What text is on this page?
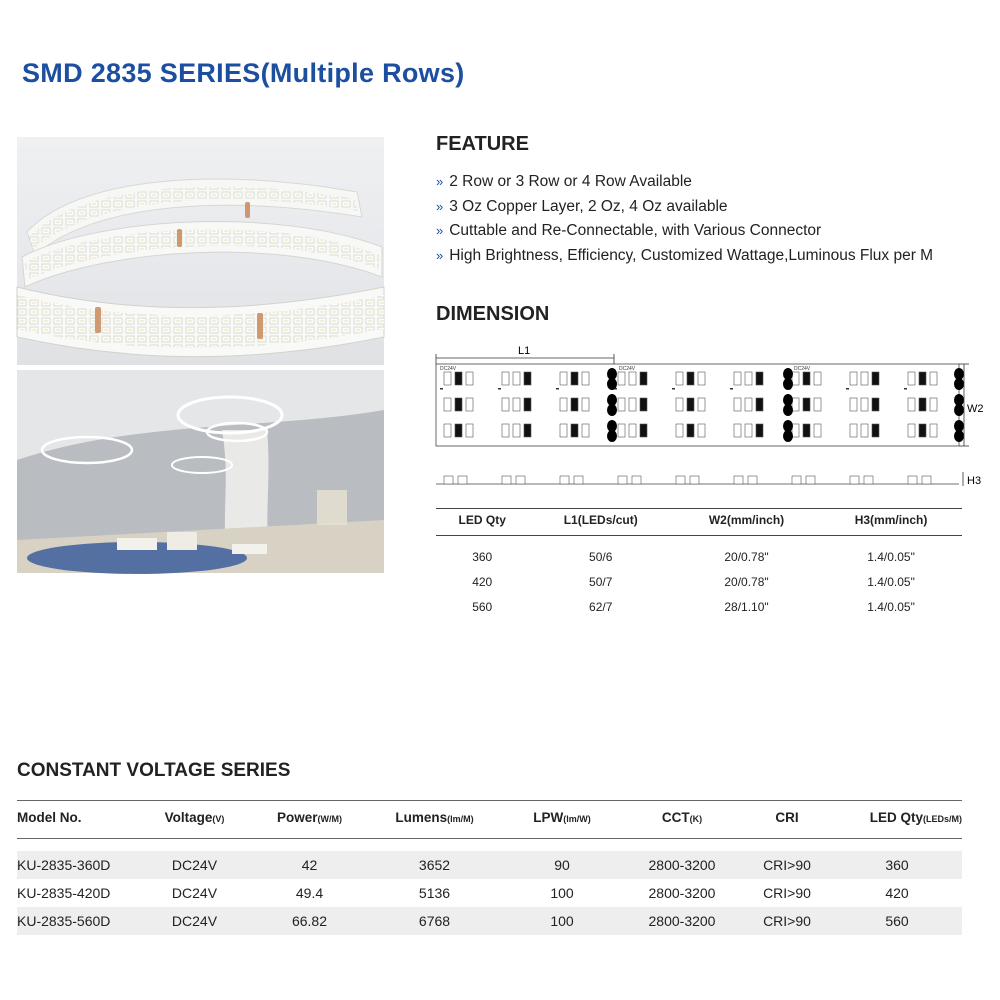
SMD 2835 SERIES(Multiple Rows)
FEATURE
» 2 Row or 3 Row or 4 Row Available
» 3 Oz Copper Layer, 2 Oz, 4 Oz available
» Cuttable and Re-Connectable, with Various Connector
» High Brightness, Efficiency, Customized Wattage,Luminous Flux per M
DIMENSION
L1
DC24V	DC24V	DC24V
W2
H3
LED Qty	L1(LEDs/cut)	W2(mm/inch)	H3(mm/inch)
360	50/6	20/0.78"	1.4/0.05"
420	50/7	20/0.78"	1.4/0.05"
560	62/7	28/1.10"	1.4/0.05"
CONSTANT VOLTAGE SERIES
Model No.	Voltage(V)	Power(W/M)	Lumens(lm/M)	LPW(lm/W)	CCT(K)	CRI	LED Qty(LEDs/M)

KU-2835-360D	DC24V	42	3652	90	2800-3200	CRI>90	360
KU-2835-420D	DC24V	49.4	5136	100	2800-3200	CRI>90	420
KU-2835-560D	DC24V	66.82	6768	100	2800-3200	CRI>90	560
